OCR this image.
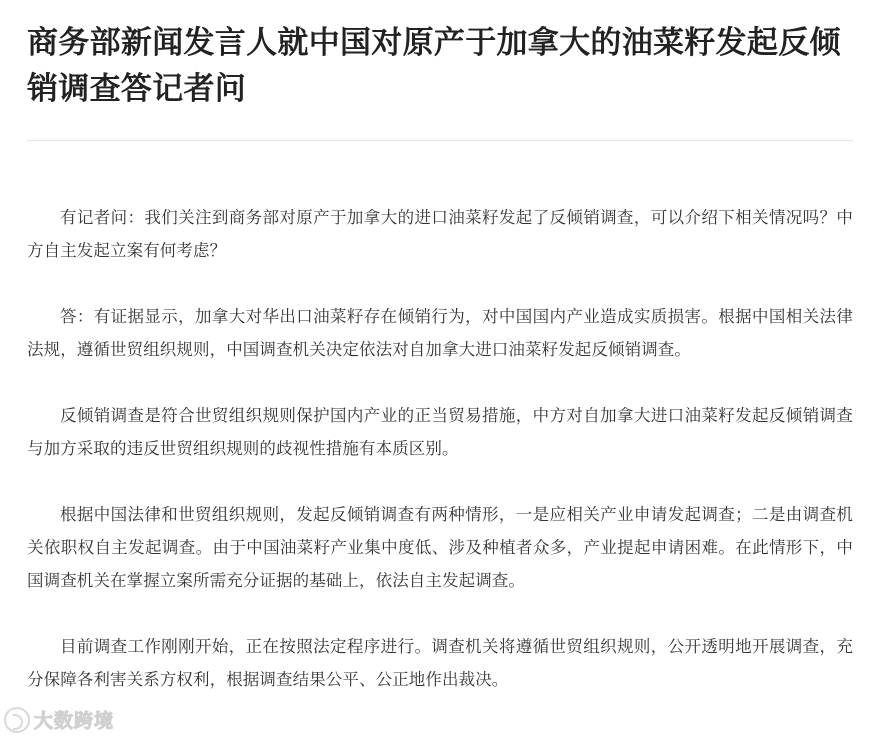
商务部新闻发言人就中国对原产于加拿大的油菜籽发起反倾销调查答记者问

有记者问：我们关注到商务部对原产于加拿大的进口油菜籽发起了反倾销调查，可以介绍下相关情况吗？中方自主发起立案有何考虑？

答：有证据显示，加拿大对华出口油菜籽存在倾销行为，对中国国内产业造成实质损害。根据中国相关法律法规，遵循世贸组织规则，中国调查机关决定依法对自加拿大进口油菜籽发起反倾销调查。

反倾销调查是符合世贸组织规则保护国内产业的正当贸易措施，中方对自加拿大进口油菜籽发起反倾销调查与加方采取的违反世贸组织规则的歧视性措施有本质区别。

根据中国法律和世贸组织规则，发起反倾销调查有两种情形，一是应相关产业申请发起调查；二是由调查机关依职权自主发起调查。由于中国油菜籽产业集中度低、涉及种植者众多，产业提起申请困难。在此情形下，中国调查机关在掌握立案所需充分证据的基础上，依法自主发起调查。

目前调查工作刚刚开始，正在按照法定程序进行。调查机关将遵循世贸组织规则，公开透明地开展调查，充分保障各利害关系方权利，根据调查结果公平、公正地作出裁决。

大数跨境
